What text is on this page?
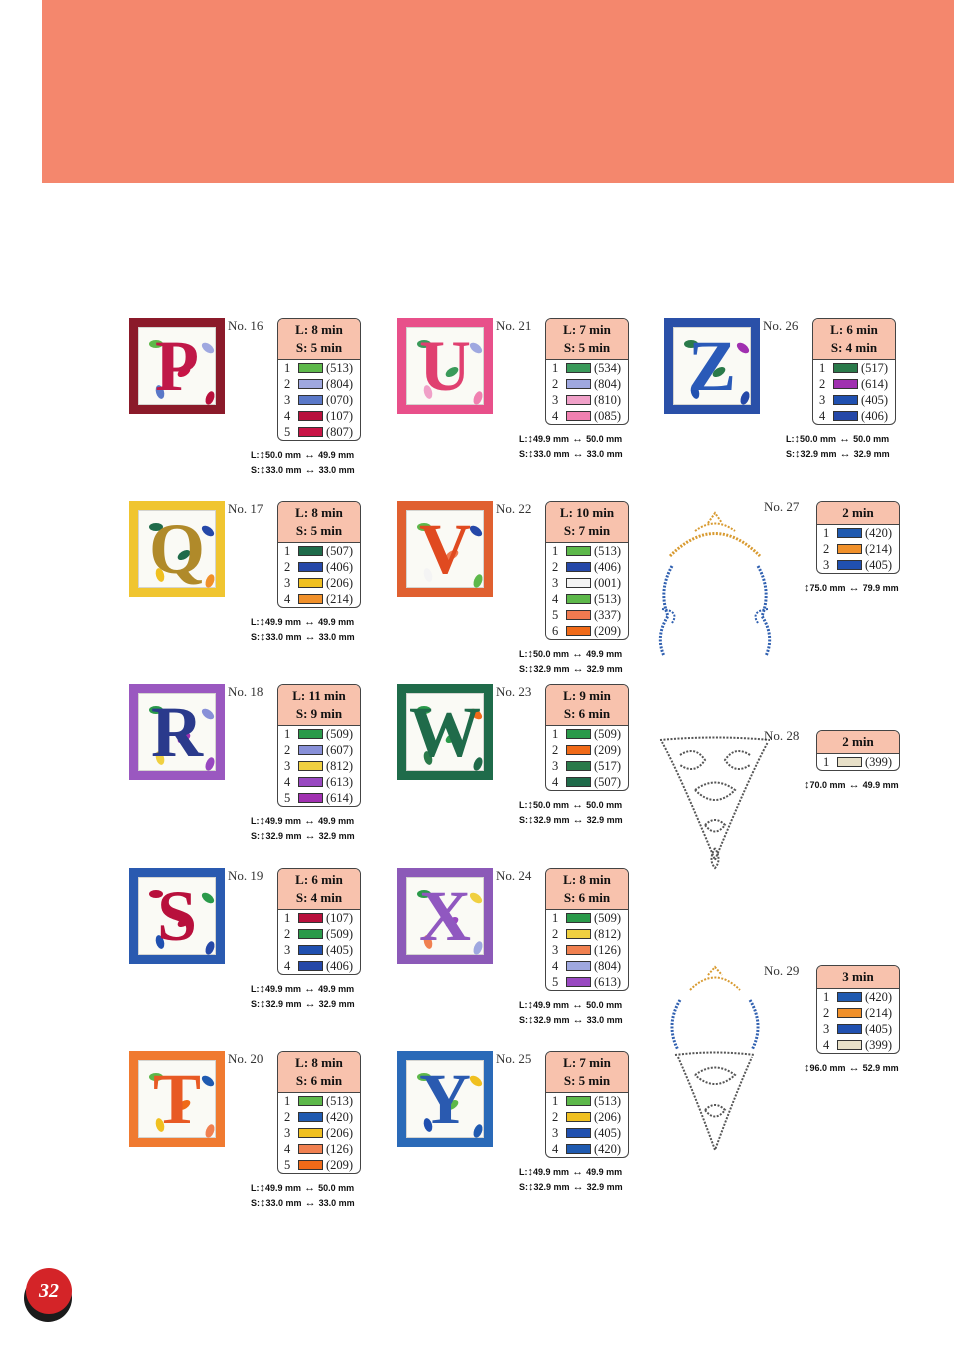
P
No. 16	L: 8 min
S: 5 min
1	(513)
2	(804)
3	(070)
4	(107)
5	(807)
L:↕50.0 mm ↔ 49.9 mm
S:↕33.0 mm ↔ 33.0 mm
Q
No. 17	L: 8 min
S: 5 min
1	(507)
2	(406)
3	(206)
4	(214)
L:↕49.9 mm ↔ 49.9 mm
S:↕33.0 mm ↔ 33.0 mm
R
No. 18	L: 11 min
S: 9 min
1	(509)
2	(607)
3	(812)
4	(613)
5	(614)
L:↕49.9 mm ↔ 49.9 mm
S:↕32.9 mm ↔ 32.9 mm
S
No. 19	L: 6 min
S: 4 min
1	(107)
2	(509)
3	(405)
4	(406)
L:↕49.9 mm ↔ 49.9 mm
S:↕32.9 mm ↔ 32.9 mm
T
No. 20	L: 8 min
S: 6 min
1	(513)
2	(420)
3	(206)
4	(126)
5	(209)
L:↕49.9 mm ↔ 50.0 mm
S:↕33.0 mm ↔ 33.0 mm
U
No. 21	L: 7 min
S: 5 min
1	(534)
2	(804)
3	(810)
4	(085)
L:↕49.9 mm ↔ 50.0 mm
S:↕33.0 mm ↔ 33.0 mm
V
No. 22	L: 10 min
S: 7 min
1	(513)
2	(406)
3	(001)
4	(513)
5	(337)
6	(209)
L:↕50.0 mm ↔ 49.9 mm
S:↕32.9 mm ↔ 32.9 mm
W
No. 23	L: 9 min
S: 6 min
1	(509)
2	(209)
3	(517)
4	(507)
L:↕50.0 mm ↔ 50.0 mm
S:↕32.9 mm ↔ 32.9 mm
X
No. 24	L: 8 min
S: 6 min
1	(509)
2	(812)
3	(126)
4	(804)
5	(613)
L:↕49.9 mm ↔ 50.0 mm
S:↕32.9 mm ↔ 33.0 mm
Y
No. 25	L: 7 min
S: 5 min
1	(513)
2	(206)
3	(405)
4	(420)
L:↕49.9 mm ↔ 49.9 mm
S:↕32.9 mm ↔ 32.9 mm
Z
No. 26	L: 6 min
S: 4 min
1	(517)
2	(614)
3	(405)
4	(406)
L:↕50.0 mm ↔ 50.0 mm
S:↕32.9 mm ↔ 32.9 mm
No. 27	2 min
1	(420)
2	(214)
3	(405)
↕75.0 mm ↔ 79.9 mm
No. 28	2 min
1	(399)
↕70.0 mm ↔ 49.9 mm
No. 29	3 min
1	(420)
2	(214)
3	(405)
4	(399)
↕96.0 mm ↔ 52.9 mm
32
